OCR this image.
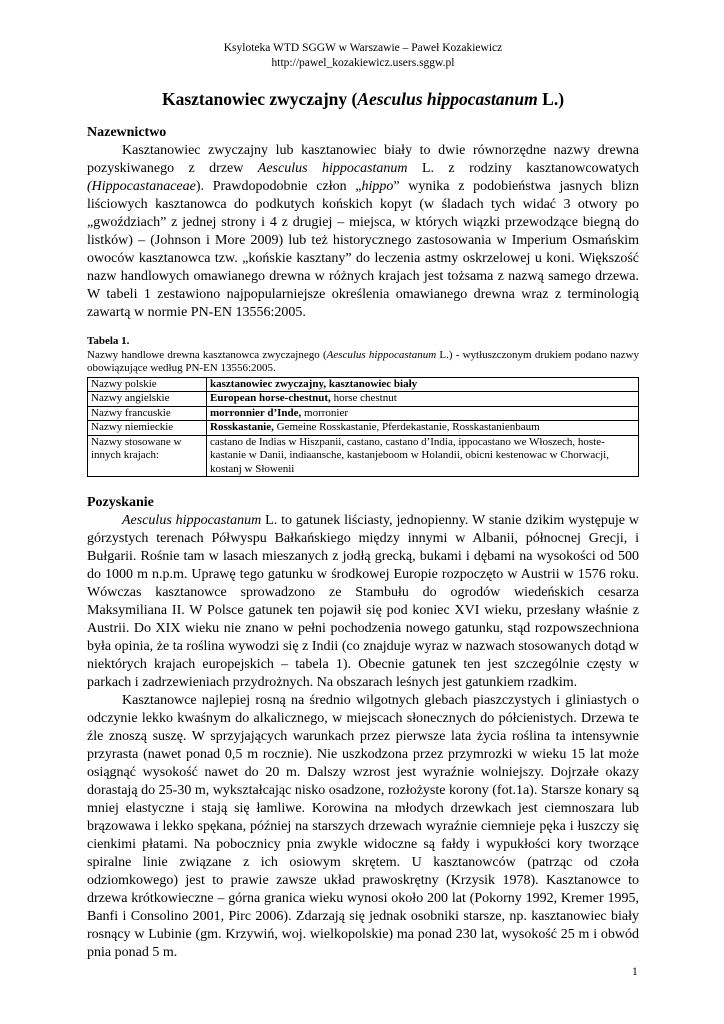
Ksyloteka WTD SGGW w Warszawie – Paweł Kozakiewicz
http://pawel_kozakiewicz.users.sggw.pl
Kasztanowiec zwyczajny (Aesculus hippocastanum L.)
Nazewnictwo

Kasztanowiec zwyczajny lub kasztanowiec biały to dwie równorzędne nazwy drewna pozyskiwanego z drzew Aesculus hippocastanum L. z rodziny kasztanowcowatych (Hippocastanaceae). Prawdopodobnie człon „hippo” wynika z podobieństwa jasnych blizn liściowych kasztanowca do podkutych końskich kopyt (w śladach tych widać 3 otwory po „gwoździach” z jednej strony i 4 z drugiej – miejsca, w których wiązki przewodzące biegną do listków) – (Johnson i More 2009) lub też historycznego zastosowania w Imperium Osmańskim owoców kasztanowca tzw. „końskie kasztany” do leczenia astmy oskrzelowej u koni. Większość nazw handlowych omawianego drewna w różnych krajach jest tożsama z nazwą samego drzewa. W tabeli 1 zestawiono najpopularniejsze określenia omawianego drewna wraz z terminologią zawartą w normie PN-EN 13556:2005.

Tabela 1.
Nazwy handlowe drewna kasztanowca zwyczajnego (Aesculus hippocastanum L.) - wytłuszczonym drukiem podano nazwy obowiązujące według PN-EN 13556:2005.
Nazwy polskie	kasztanowiec zwyczajny, kasztanowiec biały
Nazwy angielskie	European horse-chestnut, horse chestnut
Nazwy francuskie	morronnier d’Inde, morronier
Nazwy niemieckie	Rosskastanie, Gemeine Rosskastanie, Pferdekastanie, Rosskastanienbaum
Nazwy stosowane w innych krajach:	castano de Indias w Hiszpanii, castano, castano d’India, ippocastano we Włoszech, hoste-kastanie w Danii, indiaansche, kastanjeboom w Holandii, obicni kestenowac w Chorwacji, kostanj w Słowenii
Pozyskanie

Aesculus hippocastanum L. to gatunek liściasty, jednopienny. W stanie dzikim występuje w górzystych terenach Półwyspu Bałkańskiego między innymi w Albanii, północnej Grecji, i Bułgarii. Rośnie tam w lasach mieszanych z jodłą grecką, bukami i dębami na wysokości od 500 do 1000 m n.p.m. Uprawę tego gatunku w środkowej Europie rozpoczęto w Austrii w 1576 roku. Wówczas kasztanowce sprowadzono ze Stambułu do ogrodów wiedeńskich cesarza Maksymiliana II. W Polsce gatunek ten pojawił się pod koniec XVI wieku, przesłany właśnie z Austrii. Do XIX wieku nie znano w pełni pochodzenia nowego gatunku, stąd rozpowszechniona była opinia, że ta roślina wywodzi się z Indii (co znajduje wyraz w nazwach stosowanych dotąd w niektórych krajach europejskich – tabela 1). Obecnie gatunek ten jest szczególnie częsty w parkach i zadrzewieniach przydrożnych. Na obszarach leśnych jest gatunkiem rzadkim.

Kasztanowce najlepiej rosną na średnio wilgotnych glebach piaszczystych i gliniastych o odczynie lekko kwaśnym do alkalicznego, w miejscach słonecznych do półcienistych. Drzewa te źle znoszą suszę. W sprzyjających warunkach przez pierwsze lata życia roślina ta intensywnie przyrasta (nawet ponad 0,5 m rocznie). Nie uszkodzona przez przymrozki w wieku 15 lat może osiągnąć wysokość nawet do 20 m. Dalszy wzrost jest wyraźnie wolniejszy. Dojrzałe okazy dorastają do 25-30 m, wykształcając nisko osadzone, rozłożyste korony (fot.1a). Starsze konary są mniej elastyczne i stają się łamliwe. Korowina na młodych drzewkach jest ciemnoszara lub brązowawa i lekko spękana, później na starszych drzewach wyraźnie ciemnieje pęka i łuszczy się cienkimi płatami. Na pobocznicy pnia zwykle widoczne są fałdy i wypukłości kory tworzące spiralne linie związane z ich osiowym skrętem. U kasztanowców (patrząc od czoła odziomkowego) jest to prawie zawsze układ prawoskrętny (Krzysik 1978). Kasztanowce to drzewa krótkowieczne – górna granica wieku wynosi około 200 lat (Pokorny 1992, Kremer 1995, Banfi i Consolino 2001, Pirc 2006). Zdarzają się jednak osobniki starsze, np. kasztanowiec biały rosnący w Lubinie (gm. Krzywiń, woj. wielkopolskie) ma ponad 230 lat, wysokość 25 m i obwód pnia ponad 5 m.

1
